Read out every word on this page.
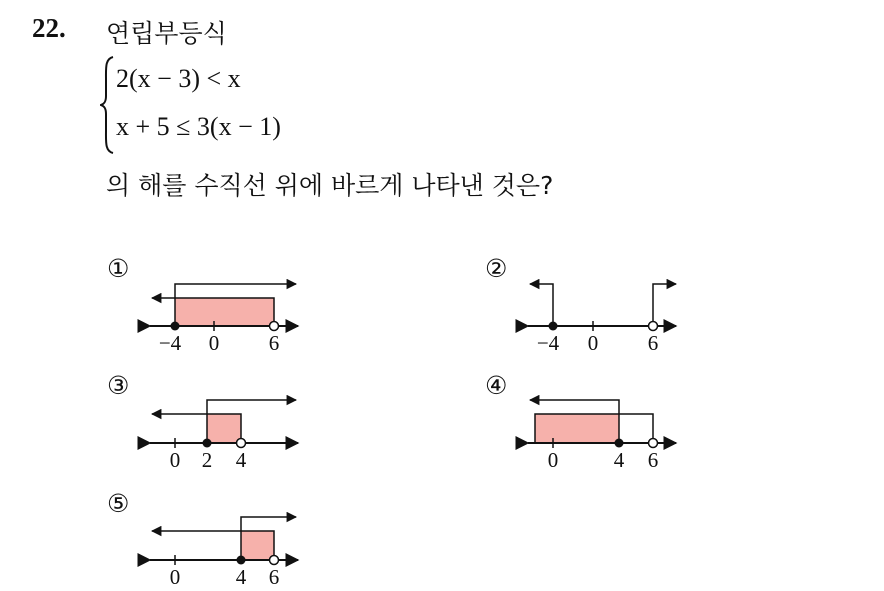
22. 연립부등식
2(x − 3) < x
x + 5 ≤ 3(x − 1)
의 해를 수직선 위에 바르게 나타낸 것은?
①	②
③	④
⑤
−4 0 6	−4 0 6
0 2 4	0	4 6
0	4 6
